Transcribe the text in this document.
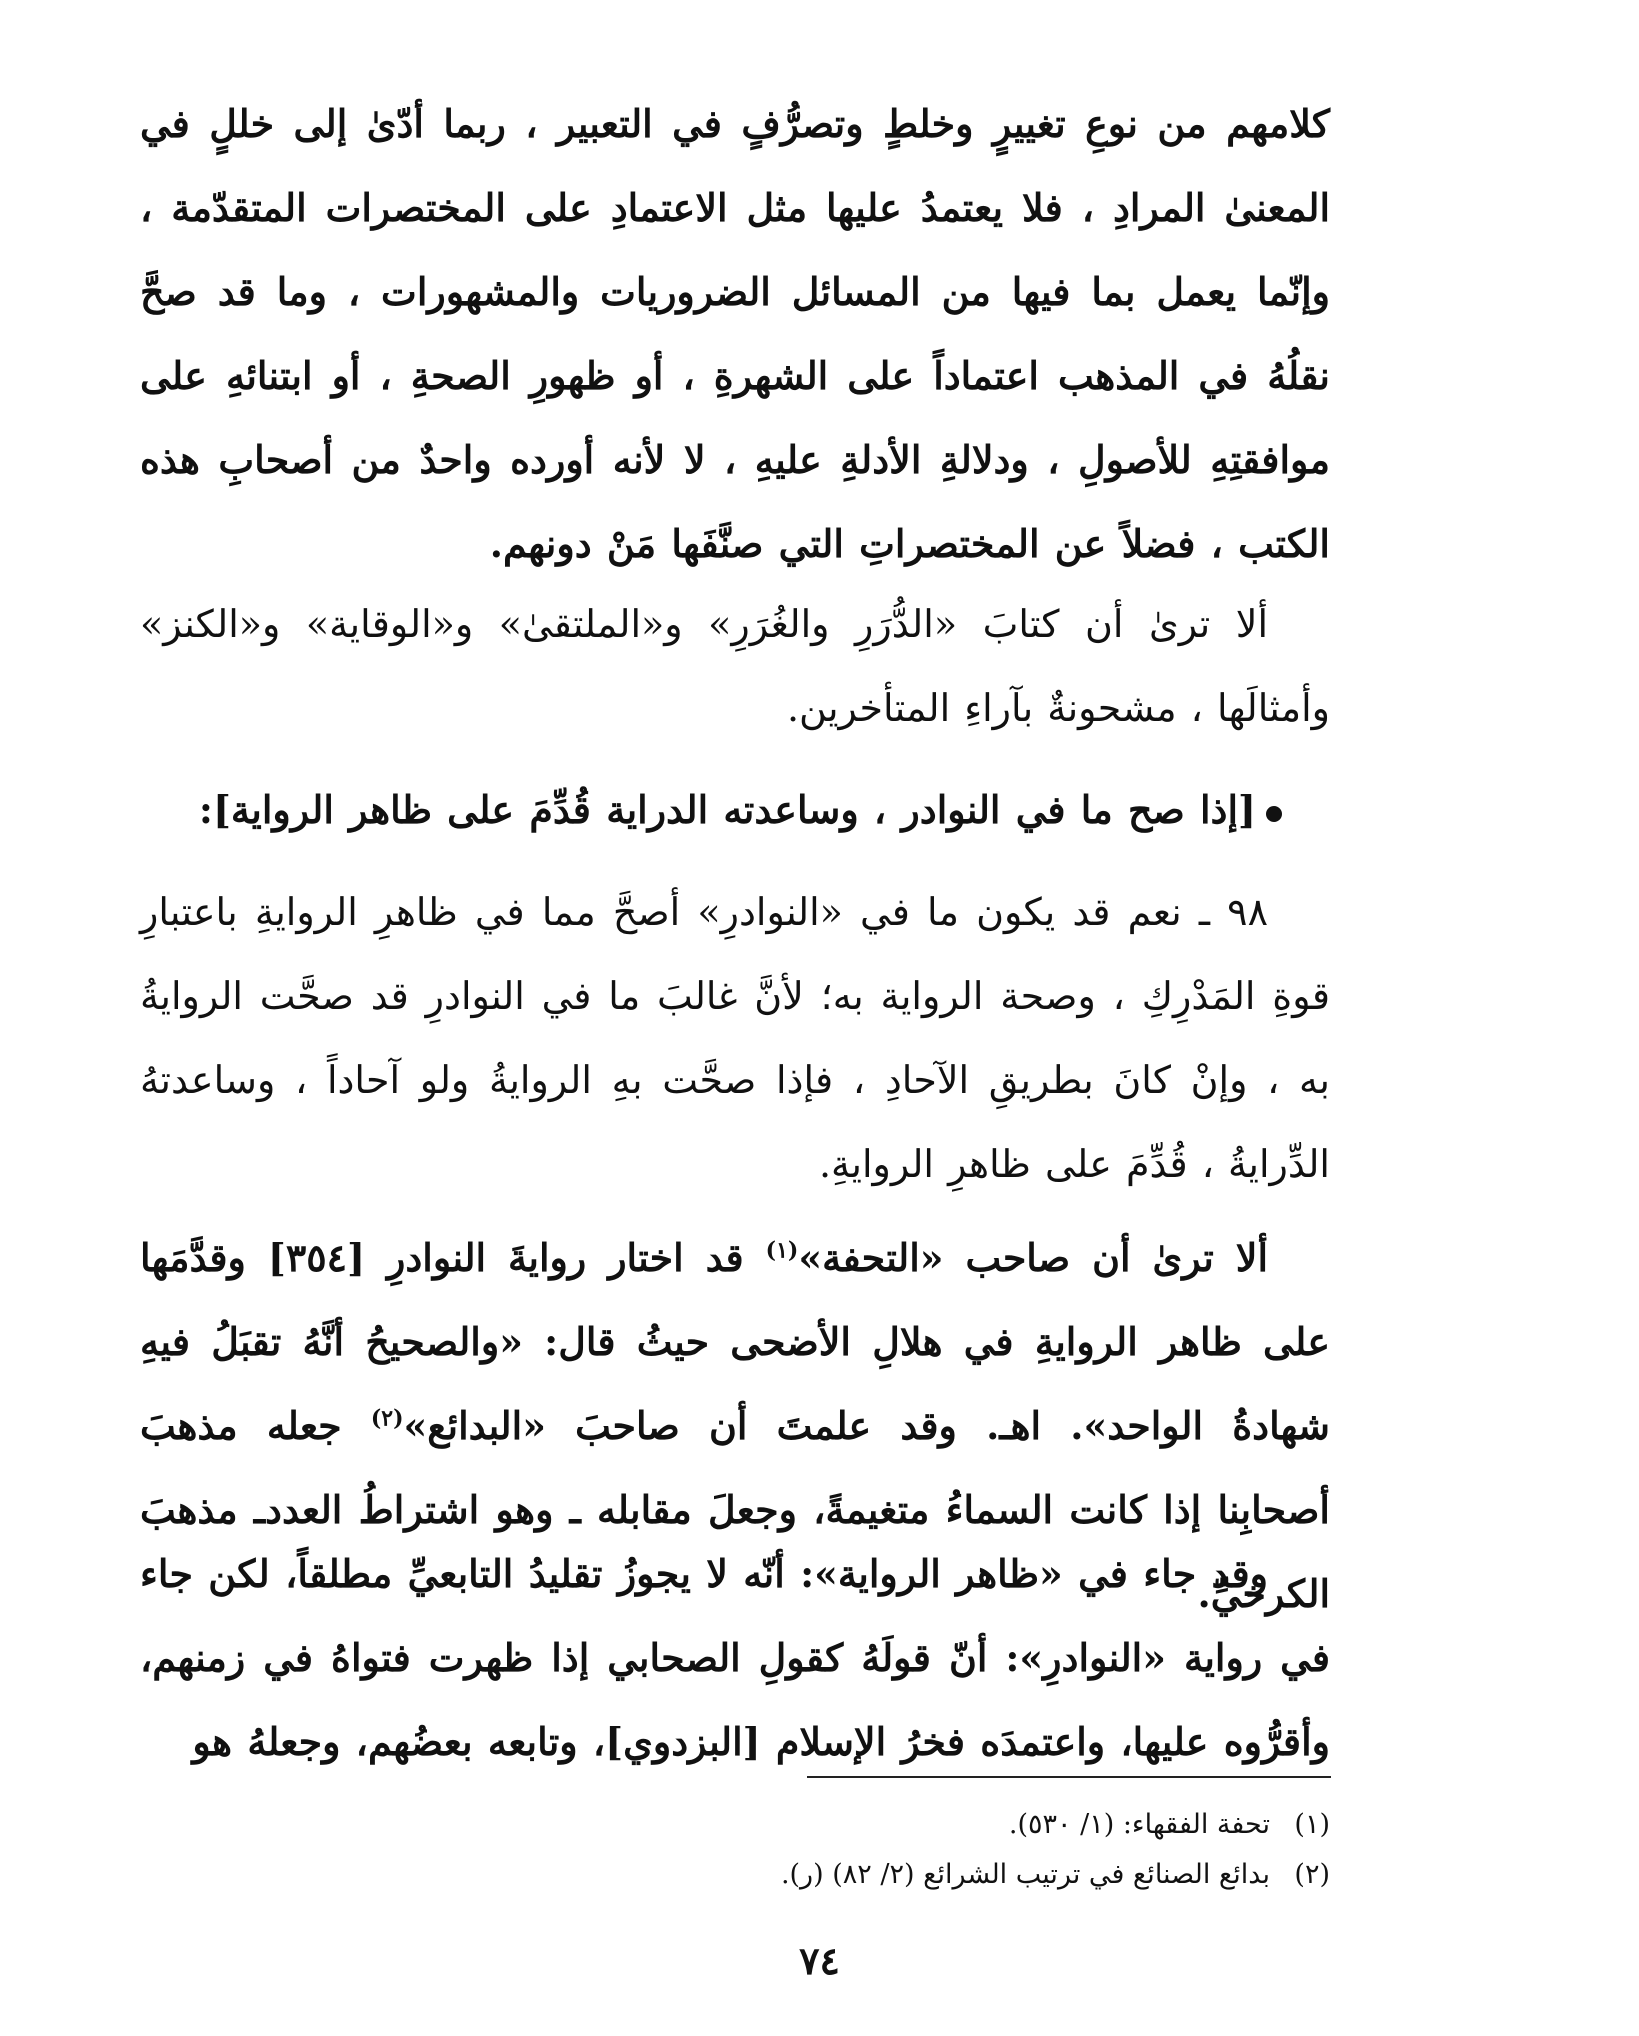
كلامهم من نوعِ تغييرٍ وخلطٍ وتصرُّفٍ في التعبير ، ربما أدّىٰ إلى خللٍ في المعنىٰ المرادِ ، فلا يعتمدُ عليها مثل الاعتمادِ على المختصرات المتقدّمة ، وإنّما يعمل بما فيها من المسائل الضروريات والمشهورات ، وما قد صحَّ نقلُهُ في المذهب اعتماداً على الشهرةِ ، أو ظهورِ الصحةِ ، أو ابتنائهِ على موافقتِهِ للأصولِ ، ودلالةِ الأدلةِ عليهِ ، لا لأنه أورده واحدٌ من أصحابِ هذه الكتب ، فضلاً عن المختصراتِ التي صنَّفَها مَنْ دونهم.

ألا ترىٰ أن كتابَ «الدُّرَرِ والغُرَرِ» و«الملتقىٰ» و«الوقاية» و«الكنز» وأمثالَها ، مشحونةٌ بآراءِ المتأخرين.

[إذا صح ما في النوادر ، وساعدته الدراية قُدِّمَ على ظاهر الرواية]:

٩٨ ـ نعم قد يكون ما في «النوادرِ» أصحَّ مما في ظاهرِ الروايةِ باعتبارِ قوةِ المَدْرِكِ ، وصحة الرواية به؛ لأنَّ غالبَ ما في النوادرِ قد صحَّت الروايةُ به ، وإنْ كانَ بطريقِ الآحادِ ، فإذا صحَّت بهِ الروايةُ ولو آحاداً ، وساعدتهُ الدِّرايةُ ، قُدِّمَ على ظاهرِ الروايةِ.

ألا ترىٰ أن صاحب «التحفة»$^{(١)}$ قد اختار روايةَ النوادرِ [٣٥٤] وقدَّمَها على ظاهر الروايةِ في هلالِ الأضحى حيثُ قال: «والصحيحُ أنَّهُ تقبَلُ فيهِ شهادةُ الواحد». اهـ. وقد علمتَ أن صاحبَ «البدائع»$^{(٢)}$ جعله مذهبَ أصحابِنا إذا كانت السماءُ متغيمةً، وجعلَ مقابله ـ وهو اشتراطُ العددـ مذهبَ الكرخيِّ.

وقد جاء في «ظاهر الرواية»: أنّه لا يجوزُ تقليدُ التابعيِّ مطلقاً، لكن جاء في رواية «النوادرِ»: أنّ قولَهُ كقولِ الصحابي إذا ظهرت فتواهُ في زمنهم، وأقرُّوه عليها، واعتمدَه فخرُ الإسلام [البزدوي]، وتابعه بعضُهم، وجعلهُ هو

(١)تحفة الفقهاء: (١/ ٥٣٠).

(٢)بدائع الصنائع في ترتيب الشرائع (٢/ ٨٢) (ر).

٧٤
